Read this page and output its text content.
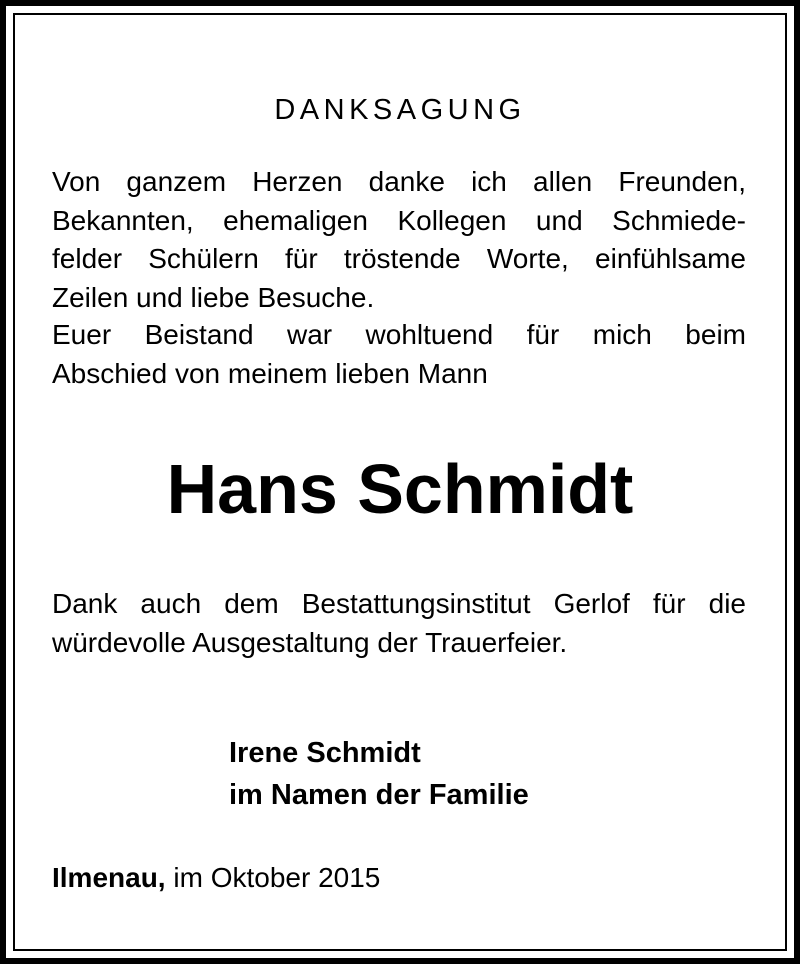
DANKSAGUNG

Von ganzem Herzen danke ich allen Freunden,
Bekannten, ehemaligen Kollegen und Schmiede-
felder Schülern für tröstende Worte, einfühlsame
Zeilen und liebe Besuche.

Euer Beistand war wohltuend für mich beim
Abschied von meinem lieben Mann

Hans Schmidt

Dank auch dem Bestattungsinstitut Gerlof für die
würdevolle Ausgestaltung der Trauerfeier.

Irene Schmidt
im Namen der Familie
Ilmenau, im Oktober 2015
